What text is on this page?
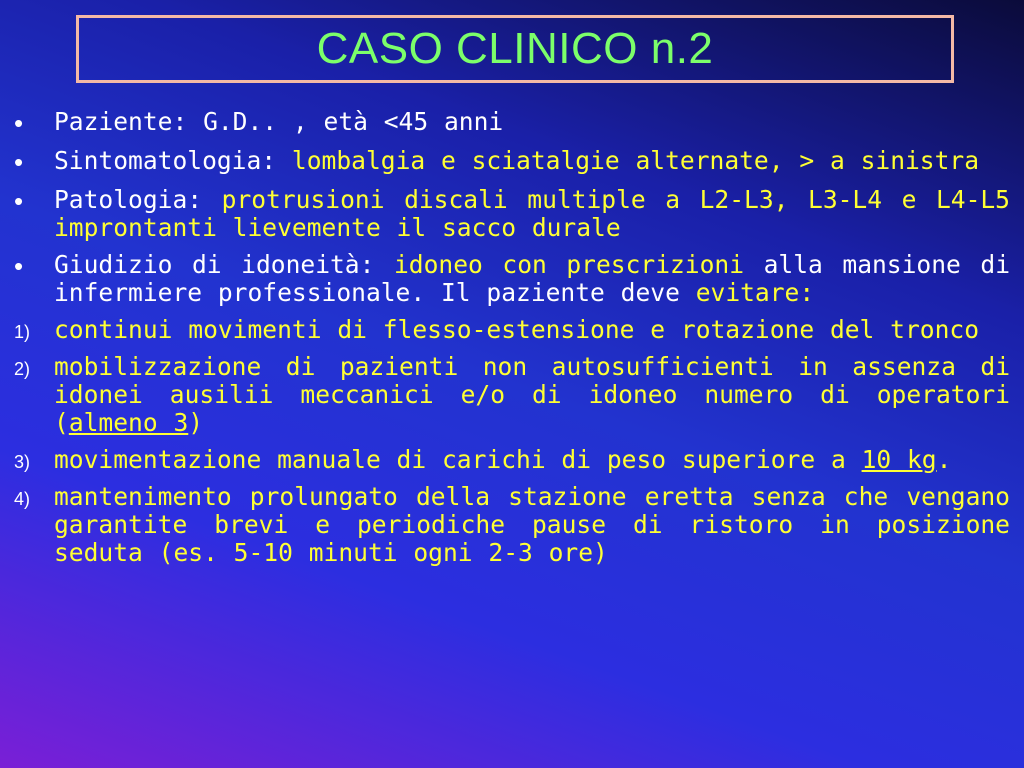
CASO CLINICO n.2
•	Paziente: G.D.. , età <45 anni
•	Sintomatologia: lombalgia e sciatalgie alternate, > a sinistra
•	Patologia: protrusioni discali multiple a L2-L3, L3-L4 e L4-L5 improntanti lievemente il sacco durale
•	Giudizio di idoneità: idoneo con prescrizioni alla mansione di infermiere professionale. Il paziente deve evitare:
1) continui movimenti di flesso-estensione e rotazione del tronco
2) mobilizzazione di pazienti non autosufficienti in assenza di idonei ausilii meccanici e/o di idoneo numero di operatori (almeno 3)
3) movimentazione manuale di carichi di peso superiore a 10 kg.
4) mantenimento prolungato della stazione eretta senza che vengano garantite brevi e periodiche pause di ristoro in posizione seduta (es. 5-10 minuti ogni 2-3 ore)
